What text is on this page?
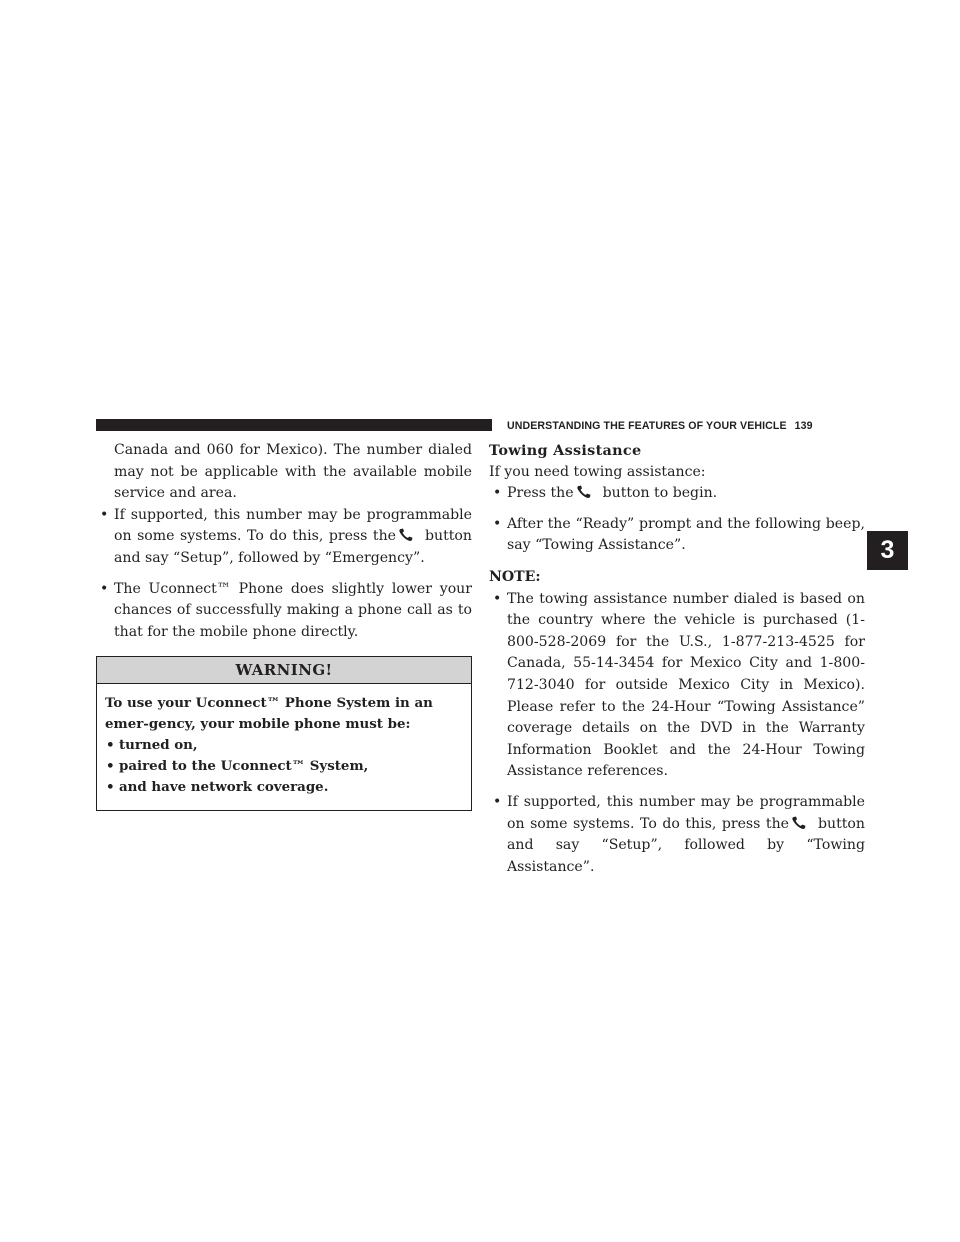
UNDERSTANDING THE FEATURES OF YOUR VEHICLE 139

Canada and 060 for Mexico). The number dialed may not be applicable with the available mobile service and area.

• If supported, this number may be programmable on some systems. To do this, press the button and say “Setup”, followed by “Emergency”.
• The Uconnect™ Phone does slightly lower your chances of successfully making a phone call as to that for the mobile phone directly.
WARNING!

To use your Uconnect™ Phone System in an emer-gency, your mobile phone must be:

• turned on,
• paired to the Uconnect™ System,
• and have network coverage.
Towing Assistance

If you need towing assistance:

• Press the button to begin.
• After the “Ready” prompt and the following beep, say “Towing Assistance”.

NOTE:

• The towing assistance number dialed is based on the country where the vehicle is purchased (1-800-528-2069 for the U.S., 1-877-213-4525 for Canada, 55-14-3454 for Mexico City and 1-800-712-3040 for outside Mexico City in Mexico). Please refer to the 24-Hour “Towing Assistance” coverage details on the DVD in the Warranty Information Booklet and the 24-Hour Towing Assistance references.
• If supported, this number may be programmable on some systems. To do this, press the button and say “Setup”, followed by “Towing Assistance”.
3
